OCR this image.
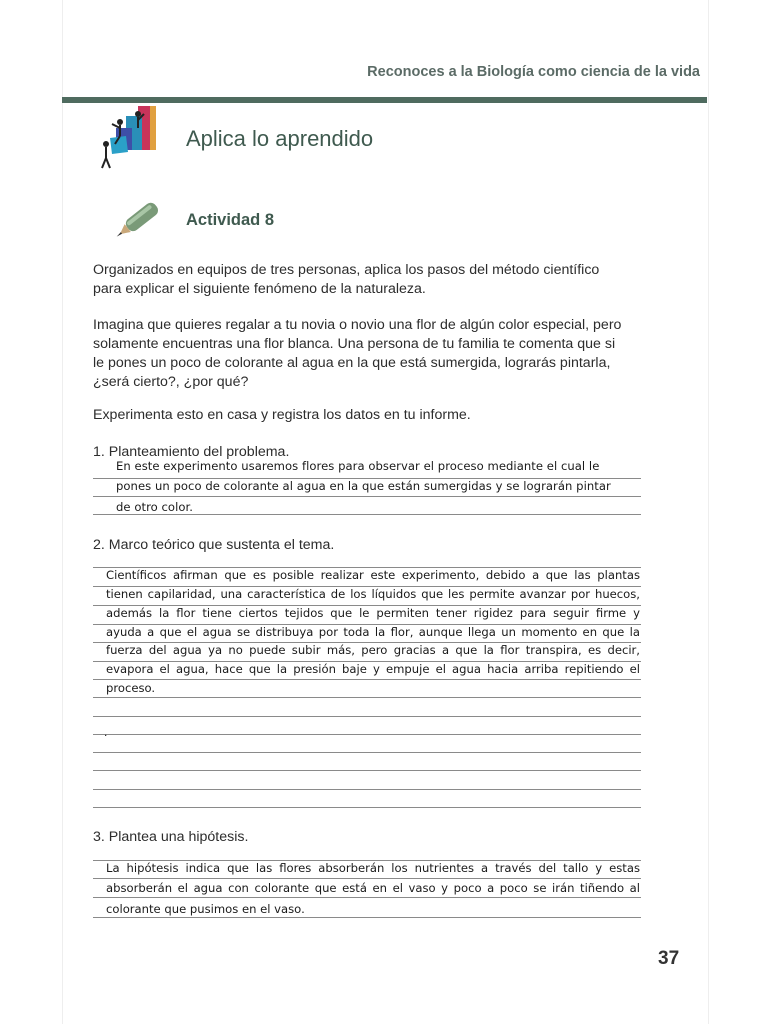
Reconoces a la Biología como ciencia de la vida
Aplica lo aprendido
Actividad 8
Organizados en equipos de tres personas, aplica los pasos del método científico
para explicar el siguiente fenómeno de la naturaleza.
Imagina que quieres regalar a tu novia o novio una flor de algún color especial, pero
solamente encuentras una flor blanca. Una persona de tu familia te comenta que si
le pones un poco de colorante al agua en la que está sumergida, lograrás pintarla,
¿será cierto?, ¿por qué?
Experimenta esto en casa y registra los datos en tu informe.
1. Planteamiento del problema.
En este experimento usaremos flores para observar el proceso mediante el cual le
pones un poco de colorante al agua en la que están sumergidas y se lograrán pintar
de otro color.
2. Marco teórico que sustenta el tema.
Científicos afirman que es posible realizar este experimento, debido a que las plantas
tienen capilaridad, una característica de los líquidos que les permite avanzar por huecos,
además la flor tiene ciertos tejidos que le permiten tener rigidez para seguir firme y
ayuda a que el agua se distribuya por toda la flor, aunque llega un momento en que la
fuerza del agua ya no puede subir más, pero gracias a que la flor transpira, es decir,
evapora el agua, hace que la presión baje y empuje el agua hacia arriba repitiendo el
proceso.
.
3. Plantea una hipótesis.
La hipótesis indica que las flores absorberán los nutrientes a través del tallo y estas
absorberán el agua con colorante que está en el vaso y poco a poco se irán tiñendo al
colorante que pusimos en el vaso.
37
